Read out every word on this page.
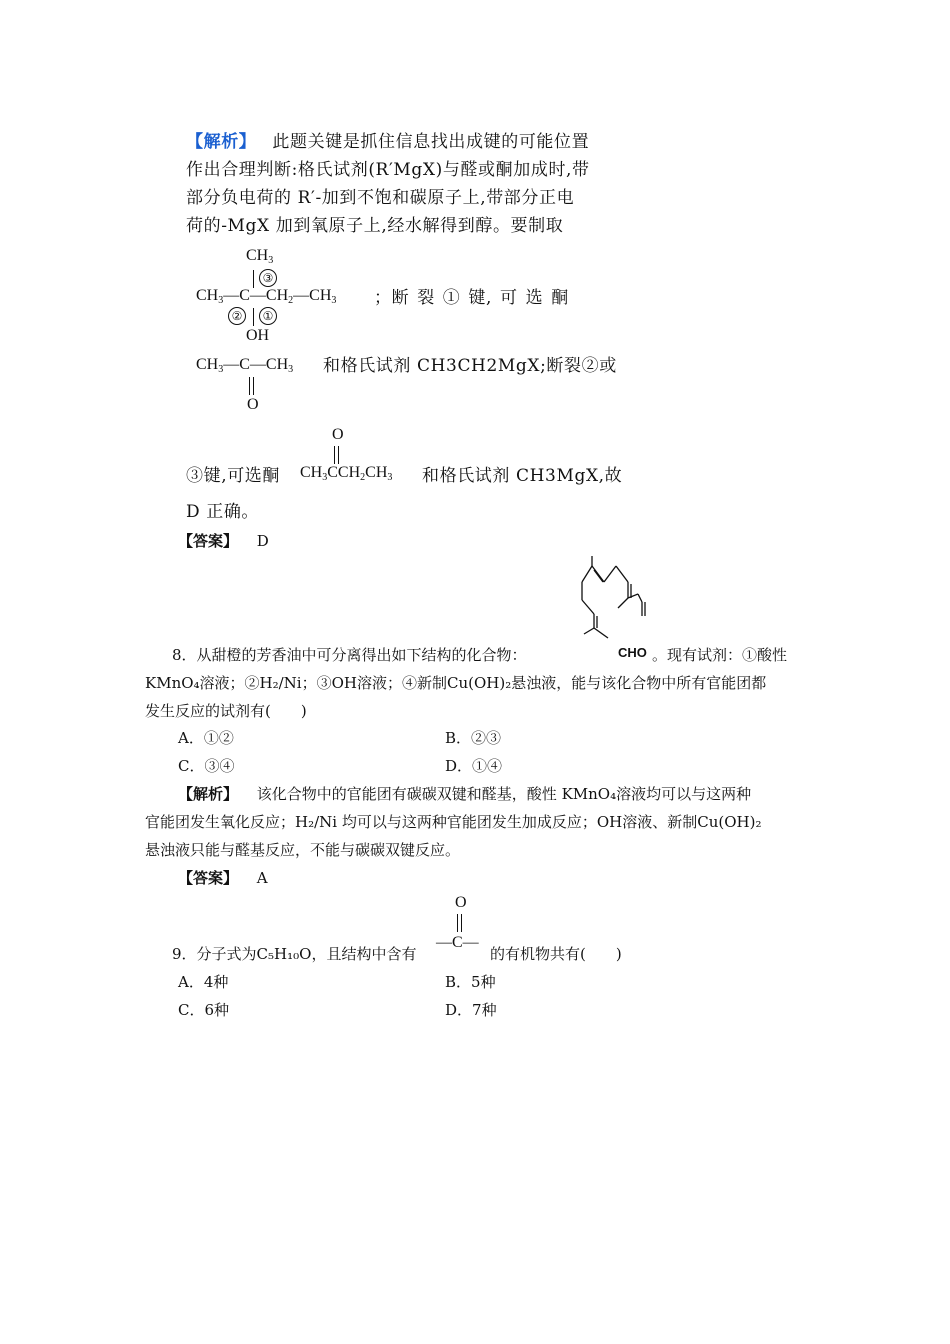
【解析】 此题关键是抓住信息找出成键的可能位置
作出合理判断:格氏试剂(R′MgX)与醛或酮加成时,带
部分负电荷的 R′-加到不饱和碳原子上,带部分正电
荷的-MgX 加到氧原子上,经水解得到醇。要制取
$CH_3$
③
$CH_3—C—CH_2—CH_3$
②	①
OH
；断 裂 ① 键, 可 选 酮
$CH_3—C—CH_3$
O
和格氏试剂 CH3CH2MgX;断裂②或
③键,可选酮
O
$CH_3CCH_2CH_3$ 和格氏试剂 CH3MgX,故
D 正确。
【答案】 D
8．从甜橙的芳香油中可分离得出如下结构的化合物：	CHO 。现有试剂：①酸性
KMnO₄溶液；②H₂/Ni；③OH溶液；④新制Cu(OH)₂悬浊液，能与该化合物中所有官能团都
发生反应的试剂有(　　)
A．①②	B．②③
C．③④	D．①④
【解析】 该化合物中的官能团有碳碳双键和醛基，酸性 KMnO₄溶液均可以与这两种
官能团发生氧化反应；H₂/Ni 均可以与这两种官能团发生加成反应；OH溶液、新制Cu(OH)₂
悬浊液只能与醛基反应，不能与碳碳双键反应。
【答案】 A
9．分子式为C₅H₁₀O，且结构中含有
O
—C—
的有机物共有(　　)
A．4种	B．5种
C．6种	D．7种
